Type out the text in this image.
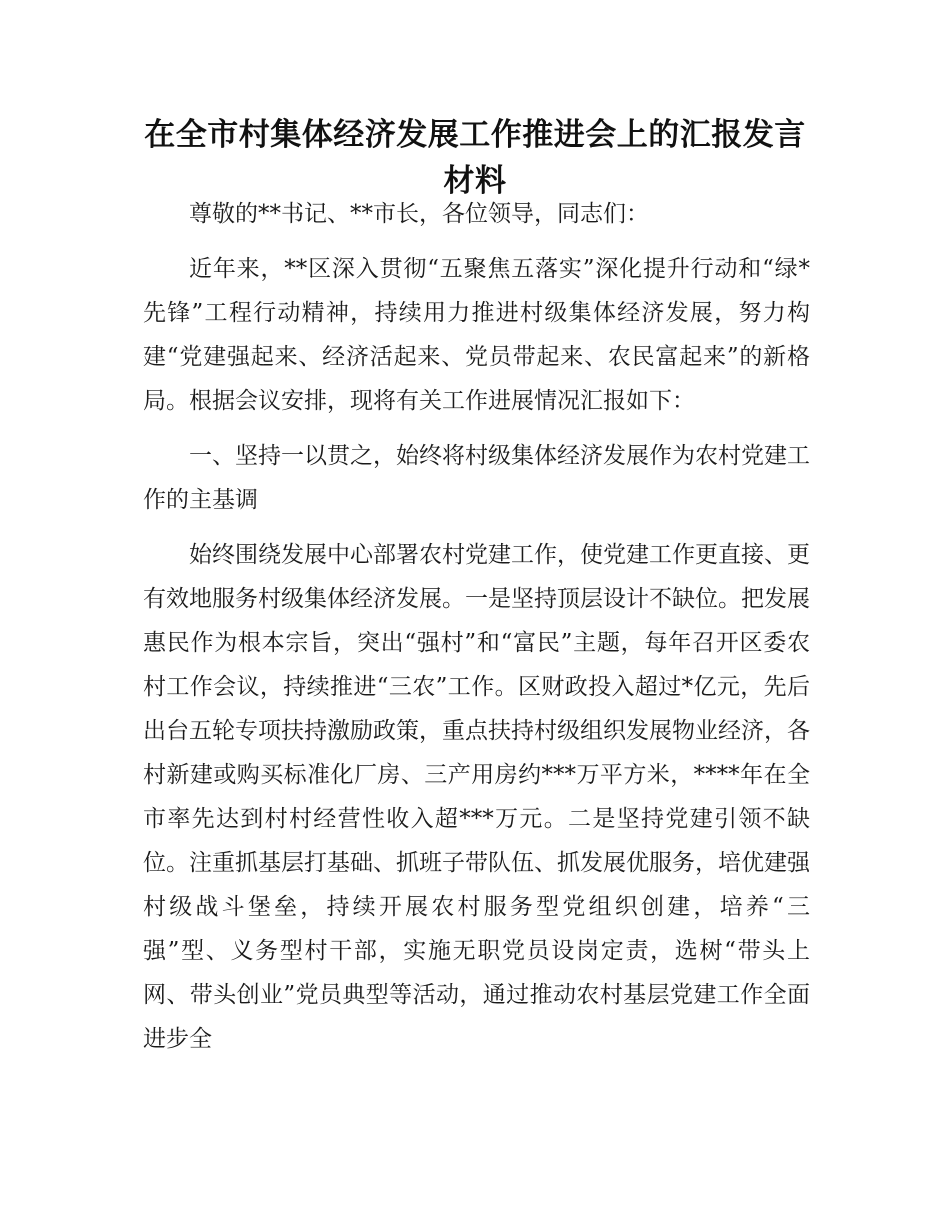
在全市村集体经济发展工作推进会上的汇报发言材料

尊敬的**书记、**市长，各位领导，同志们：

近年来，**区深入贯彻“五聚焦五落实”深化提升行动和“绿*先锋”工程行动精神，持续用力推进村级集体经济发展，努力构建“党建强起来、经济活起来、党员带起来、农民富起来”的新格局。根据会议安排，现将有关工作进展情况汇报如下：

一、坚持一以贯之，始终将村级集体经济发展作为农村党建工作的主基调

始终围绕发展中心部署农村党建工作，使党建工作更直接、更有效地服务村级集体经济发展。一是坚持顶层设计不缺位。把发展惠民作为根本宗旨，突出“强村”和“富民”主题，每年召开区委农村工作会议，持续推进“三农”工作。区财政投入超过*亿元，先后出台五轮专项扶持激励政策，重点扶持村级组织发展物业经济，各村新建或购买标准化厂房、三产用房约***万平方米，****年在全市率先达到村村经营性收入超***万元。二是坚持党建引领不缺位。注重抓基层打基础、抓班子带队伍、抓发展优服务，培优建强村级战斗堡垒，持续开展农村服务型党组织创建，培养“三强”型、义务型村干部，实施无职党员设岗定责，选树“带头上网、带头创业”党员典型等活动，通过推动农村基层党建工作全面进步全
